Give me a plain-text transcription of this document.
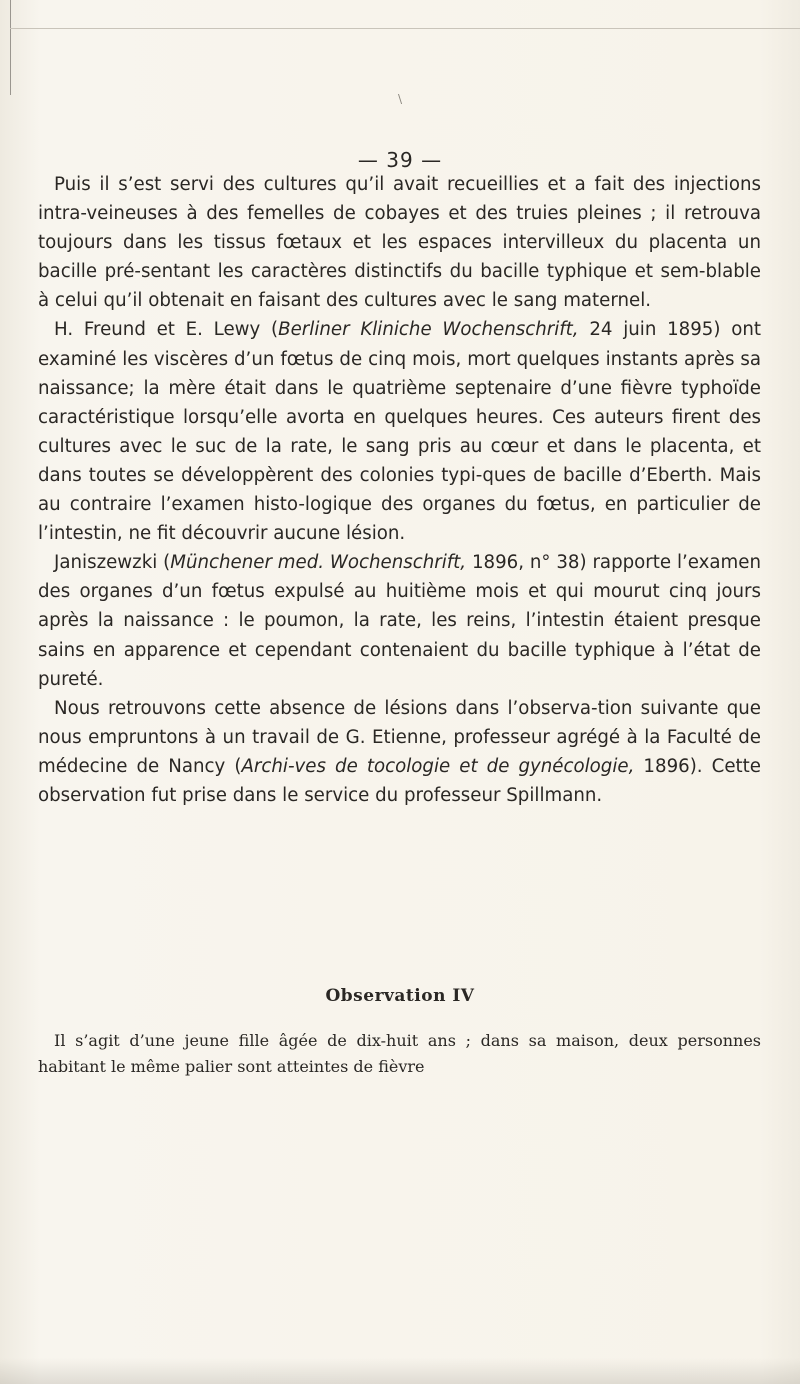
\
— 39 —

Puis il s’est servi des cultures qu’il avait recueillies et a fait des injections intra-veineuses à des femelles de cobayes et des truies pleines ; il retrouva toujours dans les tissus fœtaux et les espaces intervilleux du placenta un bacille pré-sentant les caractères distinctifs du bacille typhique et sem-blable à celui qu’il obtenait en faisant des cultures avec le sang maternel.

H. Freund et E. Lewy (Berliner Kliniche Wochenschrift, 24 juin 1895) ont examiné les viscères d’un fœtus de cinq mois, mort quelques instants après sa naissance; la mère était dans le quatrième septenaire d’une fièvre typhoïde caractéristique lorsqu’elle avorta en quelques heures. Ces auteurs firent des cultures avec le suc de la rate, le sang pris au cœur et dans le placenta, et dans toutes se développèrent des colonies typi-ques de bacille d’Eberth. Mais au contraire l’examen histo-logique des organes du fœtus, en particulier de l’intestin, ne fit découvrir aucune lésion.

Janiszewzki (Münchener med. Wochenschrift, 1896, n° 38) rapporte l’examen des organes d’un fœtus expulsé au huitième mois et qui mourut cinq jours après la naissance : le poumon, la rate, les reins, l’intestin étaient presque sains en apparence et cependant contenaient du bacille typhique à l’état de pureté.

Nous retrouvons cette absence de lésions dans l’observa-tion suivante que nous empruntons à un travail de G. Etienne, professeur agrégé à la Faculté de médecine de Nancy (Archi-ves de tocologie et de gynécologie, 1896). Cette observation fut prise dans le service du professeur Spillmann.

Observation IV

Il s’agit d’une jeune fille âgée de dix-huit ans ; dans sa maison, deux personnes habitant le même palier sont atteintes de fièvre
